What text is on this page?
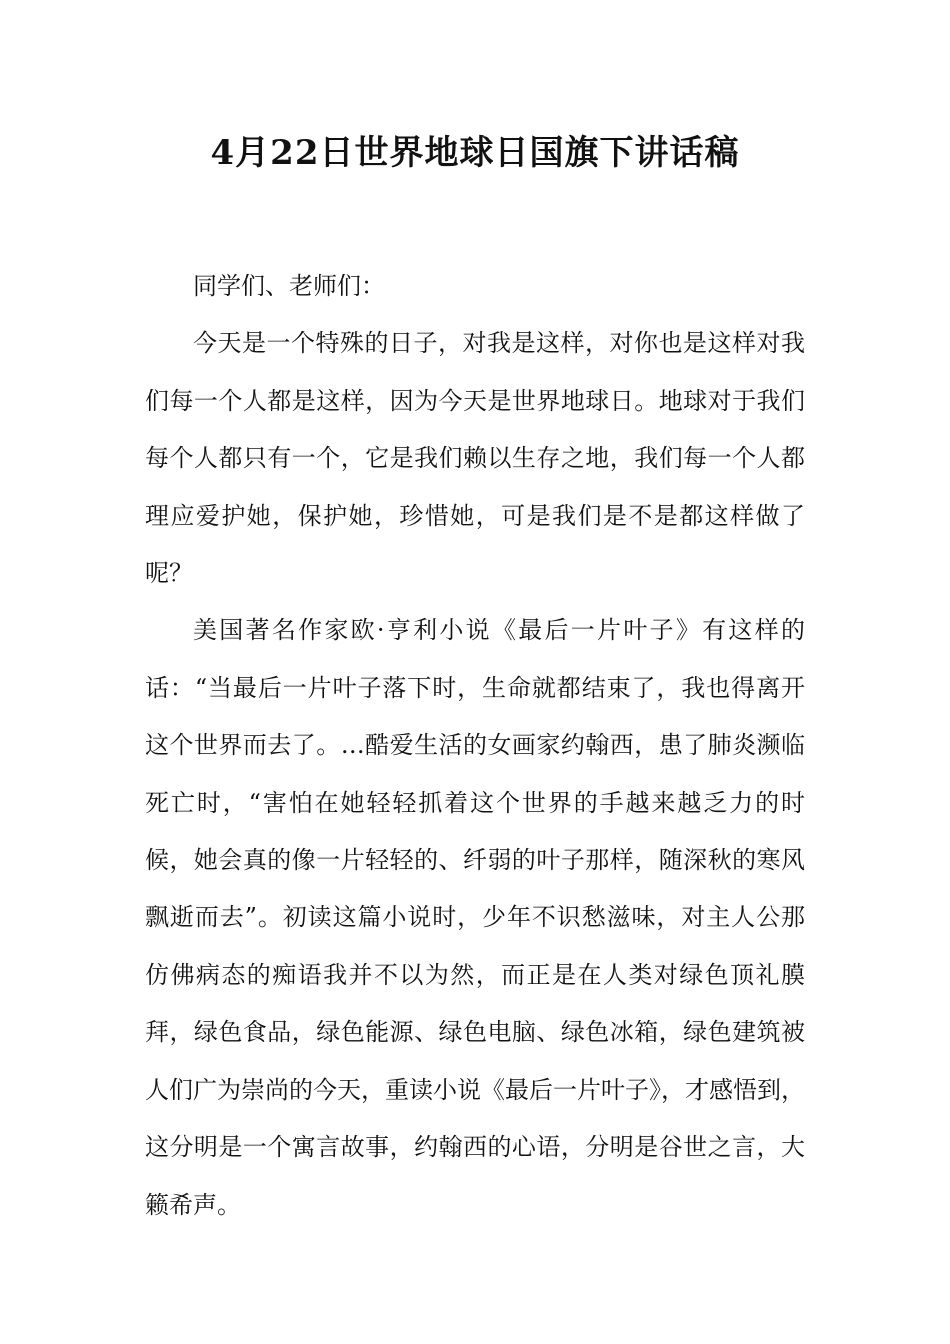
4月22日世界地球日国旗下讲话稿

同学们、老师们：

今天是一个特殊的日子，对我是这样，对你也是这样对我们每一个人都是这样，因为今天是世界地球日。地球对于我们每个人都只有一个，它是我们赖以生存之地，我们每一个人都理应爱护她，保护她，珍惜她，可是我们是不是都这样做了呢？

美国著名作家欧·亨利小说《最后一片叶子》有这样的话：“当最后一片叶子落下时，生命就都结束了，我也得离开这个世界而去了。…酷爱生活的女画家约翰西，患了肺炎濒临死亡时，“害怕在她轻轻抓着这个世界的手越来越乏力的时候，她会真的像一片轻轻的、纤弱的叶子那样，随深秋的寒风飘逝而去”。初读这篇小说时，少年不识愁滋味，对主人公那仿佛病态的痴语我并不以为然，而正是在人类对绿色顶礼膜拜，绿色食品，绿色能源、绿色电脑、绿色冰箱，绿色建筑被人们广为崇尚的今天，重读小说《最后一片叶子》，才感悟到，这分明是一个寓言故事，约翰西的心语，分明是谷世之言，大籁希声。
